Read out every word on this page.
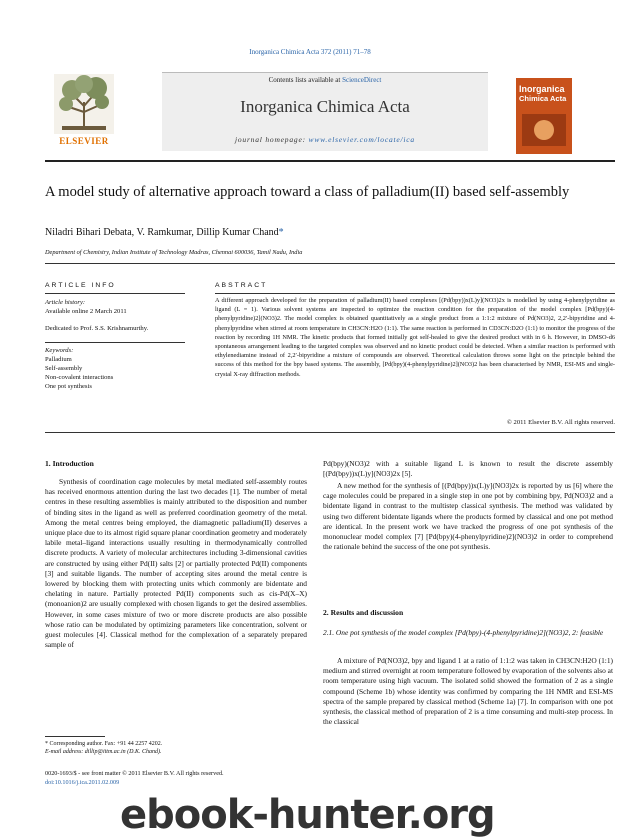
Inorganica Chimica Acta 372 (2011) 71–78
ELSEVIER
Contents lists available at ScienceDirect
Inorganica Chimica Acta
journal homepage: www.elsevier.com/locate/ica
Inorganica
Chimica Acta
A model study of alternative approach toward a class of palladium(II) based self-assembly
Niladri Bihari Debata, V. Ramkumar, Dillip Kumar Chand*
Department of Chemistry, Indian Institute of Technology Madras, Chennai 600036, Tamil Nadu, India
ARTICLE INFO
Article history:
Available online 2 March 2011
Dedicated to Prof. S.S. Krishnamurthy.
Keywords:
Palladium
Self-assembly
Non-covalent interactions
One pot synthesis
ABSTRACT
A different approach developed for the preparation of palladium(II) based complexes [(Pd(bpy))x(L)y](NO3)2x is modelled by using 4-phenylpyridine as ligand (L = 1). Various solvent systems are inspected to optimize the reaction condition for the preparation of the model complex [Pd(bpy)(4-phenylpyridine)2](NO3)2. The model complex is obtained quantitatively as a single product from a 1:1:2 mixture of Pd(NO3)2, 2,2′-bipyridine and 4-phenylpyridine when stirred at room temperature in CH3CN:H2O (1:1). The same reaction is performed in CD3CN:D2O (1:1) to monitor the progress of the reaction by recording 1H NMR. The kinetic products that formed initially got self-healed to give the desired product with in 6 h. However, in DMSO-d6 spontaneous arrangement leading to the targeted complex was observed and no kinetic product could be detected. When a similar reaction is performed with ethylenediamine instead of 2,2′-bipyridine a mixture of compounds are observed. Theoretical calculation throws some light on the principle behind the success of this method for the bpy based systems. The assembly, [Pd(bpy)(4-phenylpyridine)2](NO3)2 has been characterised by NMR, ESI-MS and single-crystal X-ray diffraction methods.
© 2011 Elsevier B.V. All rights reserved.
1. Introduction
Synthesis of coordination cage molecules by metal mediated self-assembly routes has received enormous attention during the last two decades [1]. The number of metal centres in these resulting assemblies is mainly attributed to the disposition and number of binding sites in the ligand as well as preferred coordination geometry of the metal. Among the metal centres being employed, the diamagnetic palladium(II) deserves a unique place due to its almost rigid square planar coordination geometry and moderately labile metal–ligand interactions usually resulting in thermodynamically controlled discrete products. A variety of molecular architectures including 3-dimensional cavities are constructed by using either Pd(II) salts [2] or partially protected Pd(II) components [3] and suitable ligands. The number of accepting sites around the metal centre is lowered by blocking them with protecting units which commonly are bidentate and chelating in nature. Partially protected Pd(II) components such as cis-Pd(X–X)(monoanion)2 are usually complexed with chosen ligands to get the desired assemblies. However, in some cases mixture of two or more discrete products are also possible whose ratio can be modulated by optimizing parameters like concentration, solvent or guest molecules [4]. Classical method for the complexation of a separately prepared sample of
* Corresponding author. Fax: +91 44 2257 4202.
E-mail address: dillip@iitm.ac.in (D.K. Chand).
0020-1693/$ - see front matter © 2011 Elsevier B.V. All rights reserved.
doi:10.1016/j.ica.2011.02.009
Pd(bpy)(NO3)2 with a suitable ligand L is known to result the discrete assembly [(Pd(bpy))x(L)y](NO3)2x [5].
A new method for the synthesis of [(Pd(bpy))x(L)y](NO3)2x is reported by us [6] where the cage molecules could be prepared in a single step in one pot by combining bpy, Pd(NO3)2 and a bidentate ligand in contrast to the multistep classical synthesis. The method was validated by using two different bidentate ligands where the products formed by classical and one pot method are identical. In the present work we have tracked the progress of one pot synthesis of the mononuclear model complex [7] [Pd(bpy)(4-phenylpyridine)2](NO3)2 in order to comprehend the rationale behind the success of the one pot synthesis.
2. Results and discussion
2.1. One pot synthesis of the model complex [Pd(bpy)-(4-phenylpyridine)2](NO3)2, 2: feasible
A mixture of Pd(NO3)2, bpy and ligand 1 at a ratio of 1:1:2 was taken in CH3CN:H2O (1:1) medium and stirred overnight at room temperature followed by evaporation of the solvents also at room temperature using high vacuum. The isolated solid showed the formation of 2 as a single compound (Scheme 1b) whose identity was confirmed by comparing the 1H NMR and ESI-MS spectra of the sample prepared by classical method (Scheme 1a) [7]. In comparison with one pot synthesis, the classical method of preparation of 2 is a time consuming and multi-step process. In the classical
ebook-hunter.org
